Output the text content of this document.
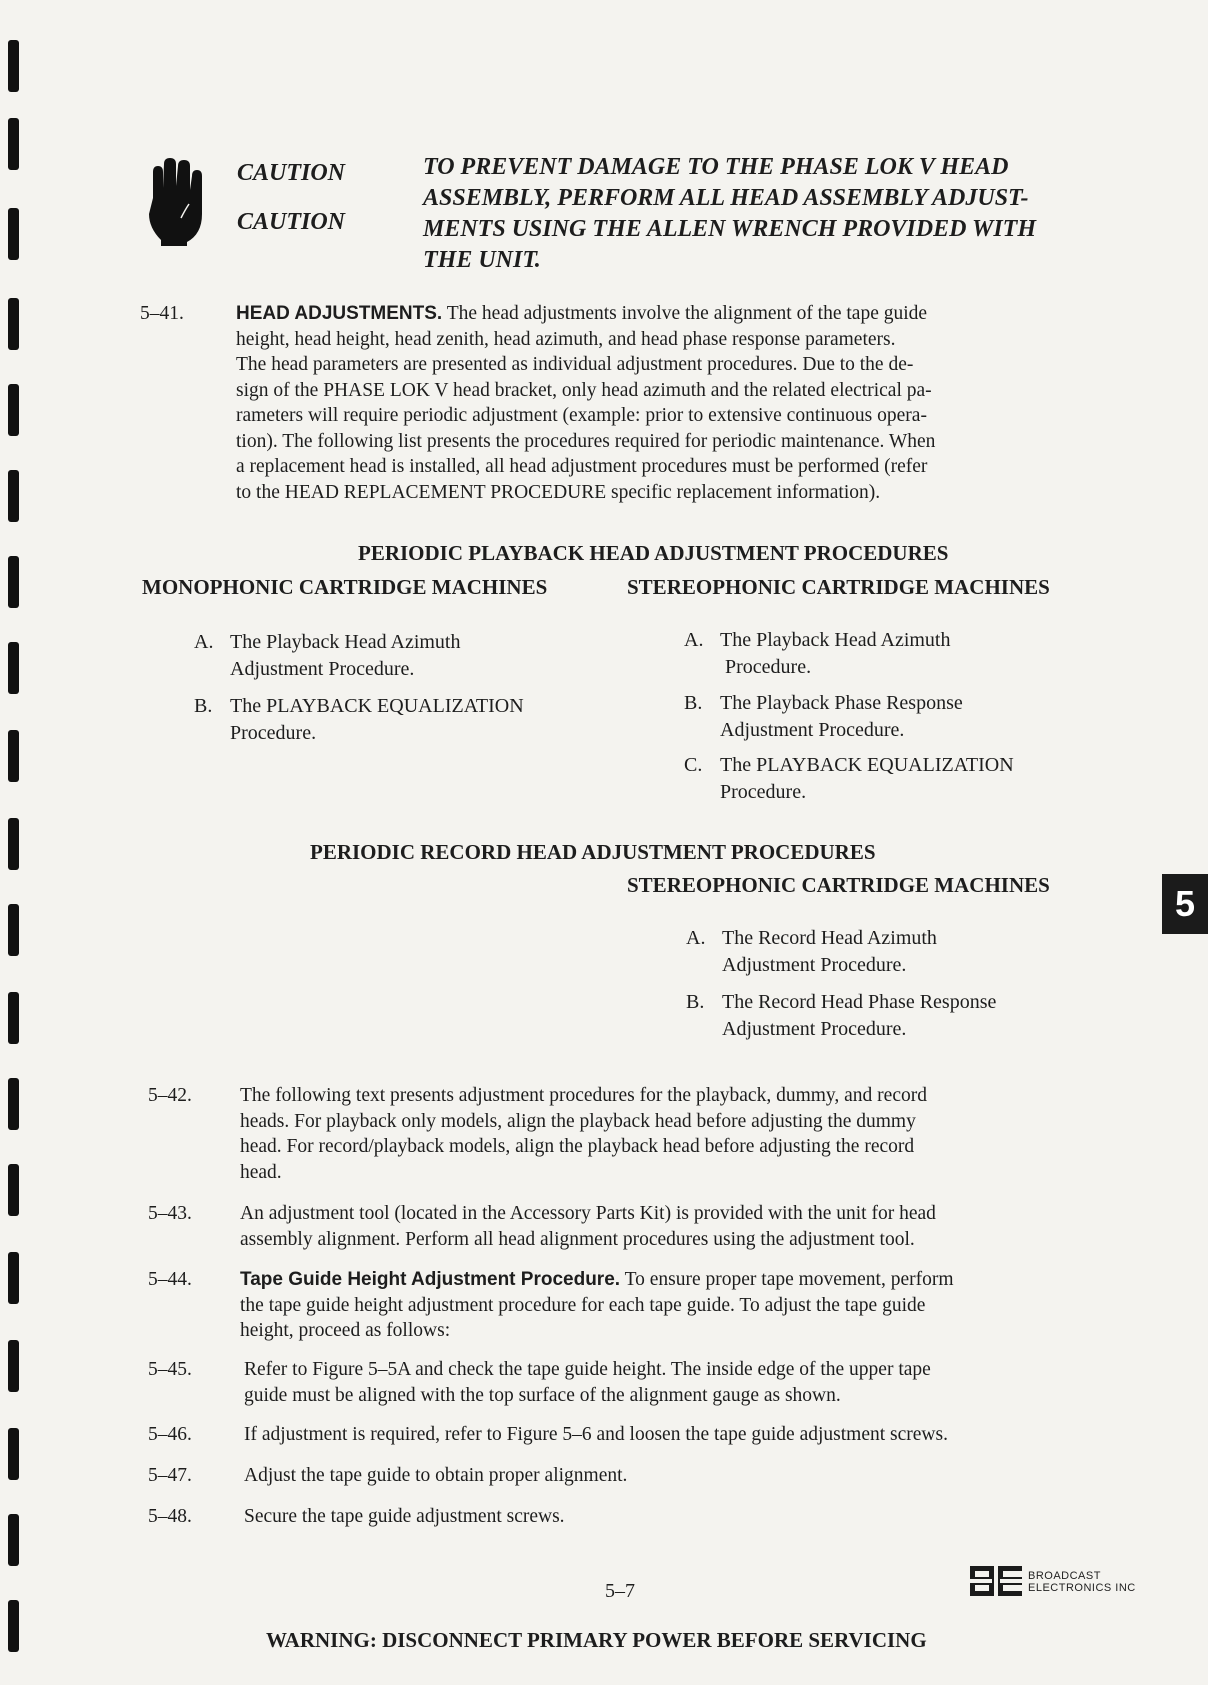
CAUTION
CAUTION
TO PREVENT DAMAGE TO THE PHASE LOK V HEAD
ASSEMBLY, PERFORM ALL HEAD ASSEMBLY ADJUST-
MENTS USING THE ALLEN WRENCH PROVIDED WITH
THE UNIT.
5–41.	HEAD ADJUSTMENTS. The head adjustments involve the alignment of the tape guide
height, head height, head zenith, head azimuth, and head phase response parameters.
The head parameters are presented as individual adjustment procedures. Due to the de-
sign of the PHASE LOK V head bracket, only head azimuth and the related electrical pa-
rameters will require periodic adjustment (example: prior to extensive continuous opera-
tion). The following list presents the procedures required for periodic maintenance. When
a replacement head is installed, all head adjustment procedures must be performed (refer
to the HEAD REPLACEMENT PROCEDURE specific replacement information).
PERIODIC PLAYBACK HEAD ADJUSTMENT PROCEDURES
MONOPHONIC CARTRIDGE MACHINES	STEREOPHONIC CARTRIDGE MACHINES
A. The Playback Head Azimuth
Adjustment Procedure.
B. The PLAYBACK EQUALIZATION
Procedure.
A. The Playback Head Azimuth
Procedure.
B. The Playback Phase Response
Adjustment Procedure.
C. The PLAYBACK EQUALIZATION
Procedure.
PERIODIC RECORD HEAD ADJUSTMENT PROCEDURES
STEREOPHONIC CARTRIDGE MACHINES
A. The Record Head Azimuth
Adjustment Procedure.
B. The Record Head Phase Response
Adjustment Procedure.
5–42. The following text presents adjustment procedures for the playback, dummy, and record
heads. For playback only models, align the playback head before adjusting the dummy
head. For record/playback models, align the playback head before adjusting the record
head.
5–43. An adjustment tool (located in the Accessory Parts Kit) is provided with the unit for head
assembly alignment. Perform all head alignment procedures using the adjustment tool.
5–44.	Tape Guide Height Adjustment Procedure. To ensure proper tape movement, perform
the tape guide height adjustment procedure for each tape guide. To adjust the tape guide
height, proceed as follows:
5–45.	Refer to Figure 5–5A and check the tape guide height. The inside edge of the upper tape
guide must be aligned with the top surface of the alignment gauge as shown.
5–46.	If adjustment is required, refer to Figure 5–6 and loosen the tape guide adjustment screws.
5–47.	Adjust the tape guide to obtain proper alignment.
5–48.	Secure the tape guide adjustment screws.
5
5–7
BROADCAST
ELECTRONICS INC
WARNING: DISCONNECT PRIMARY POWER BEFORE SERVICING
